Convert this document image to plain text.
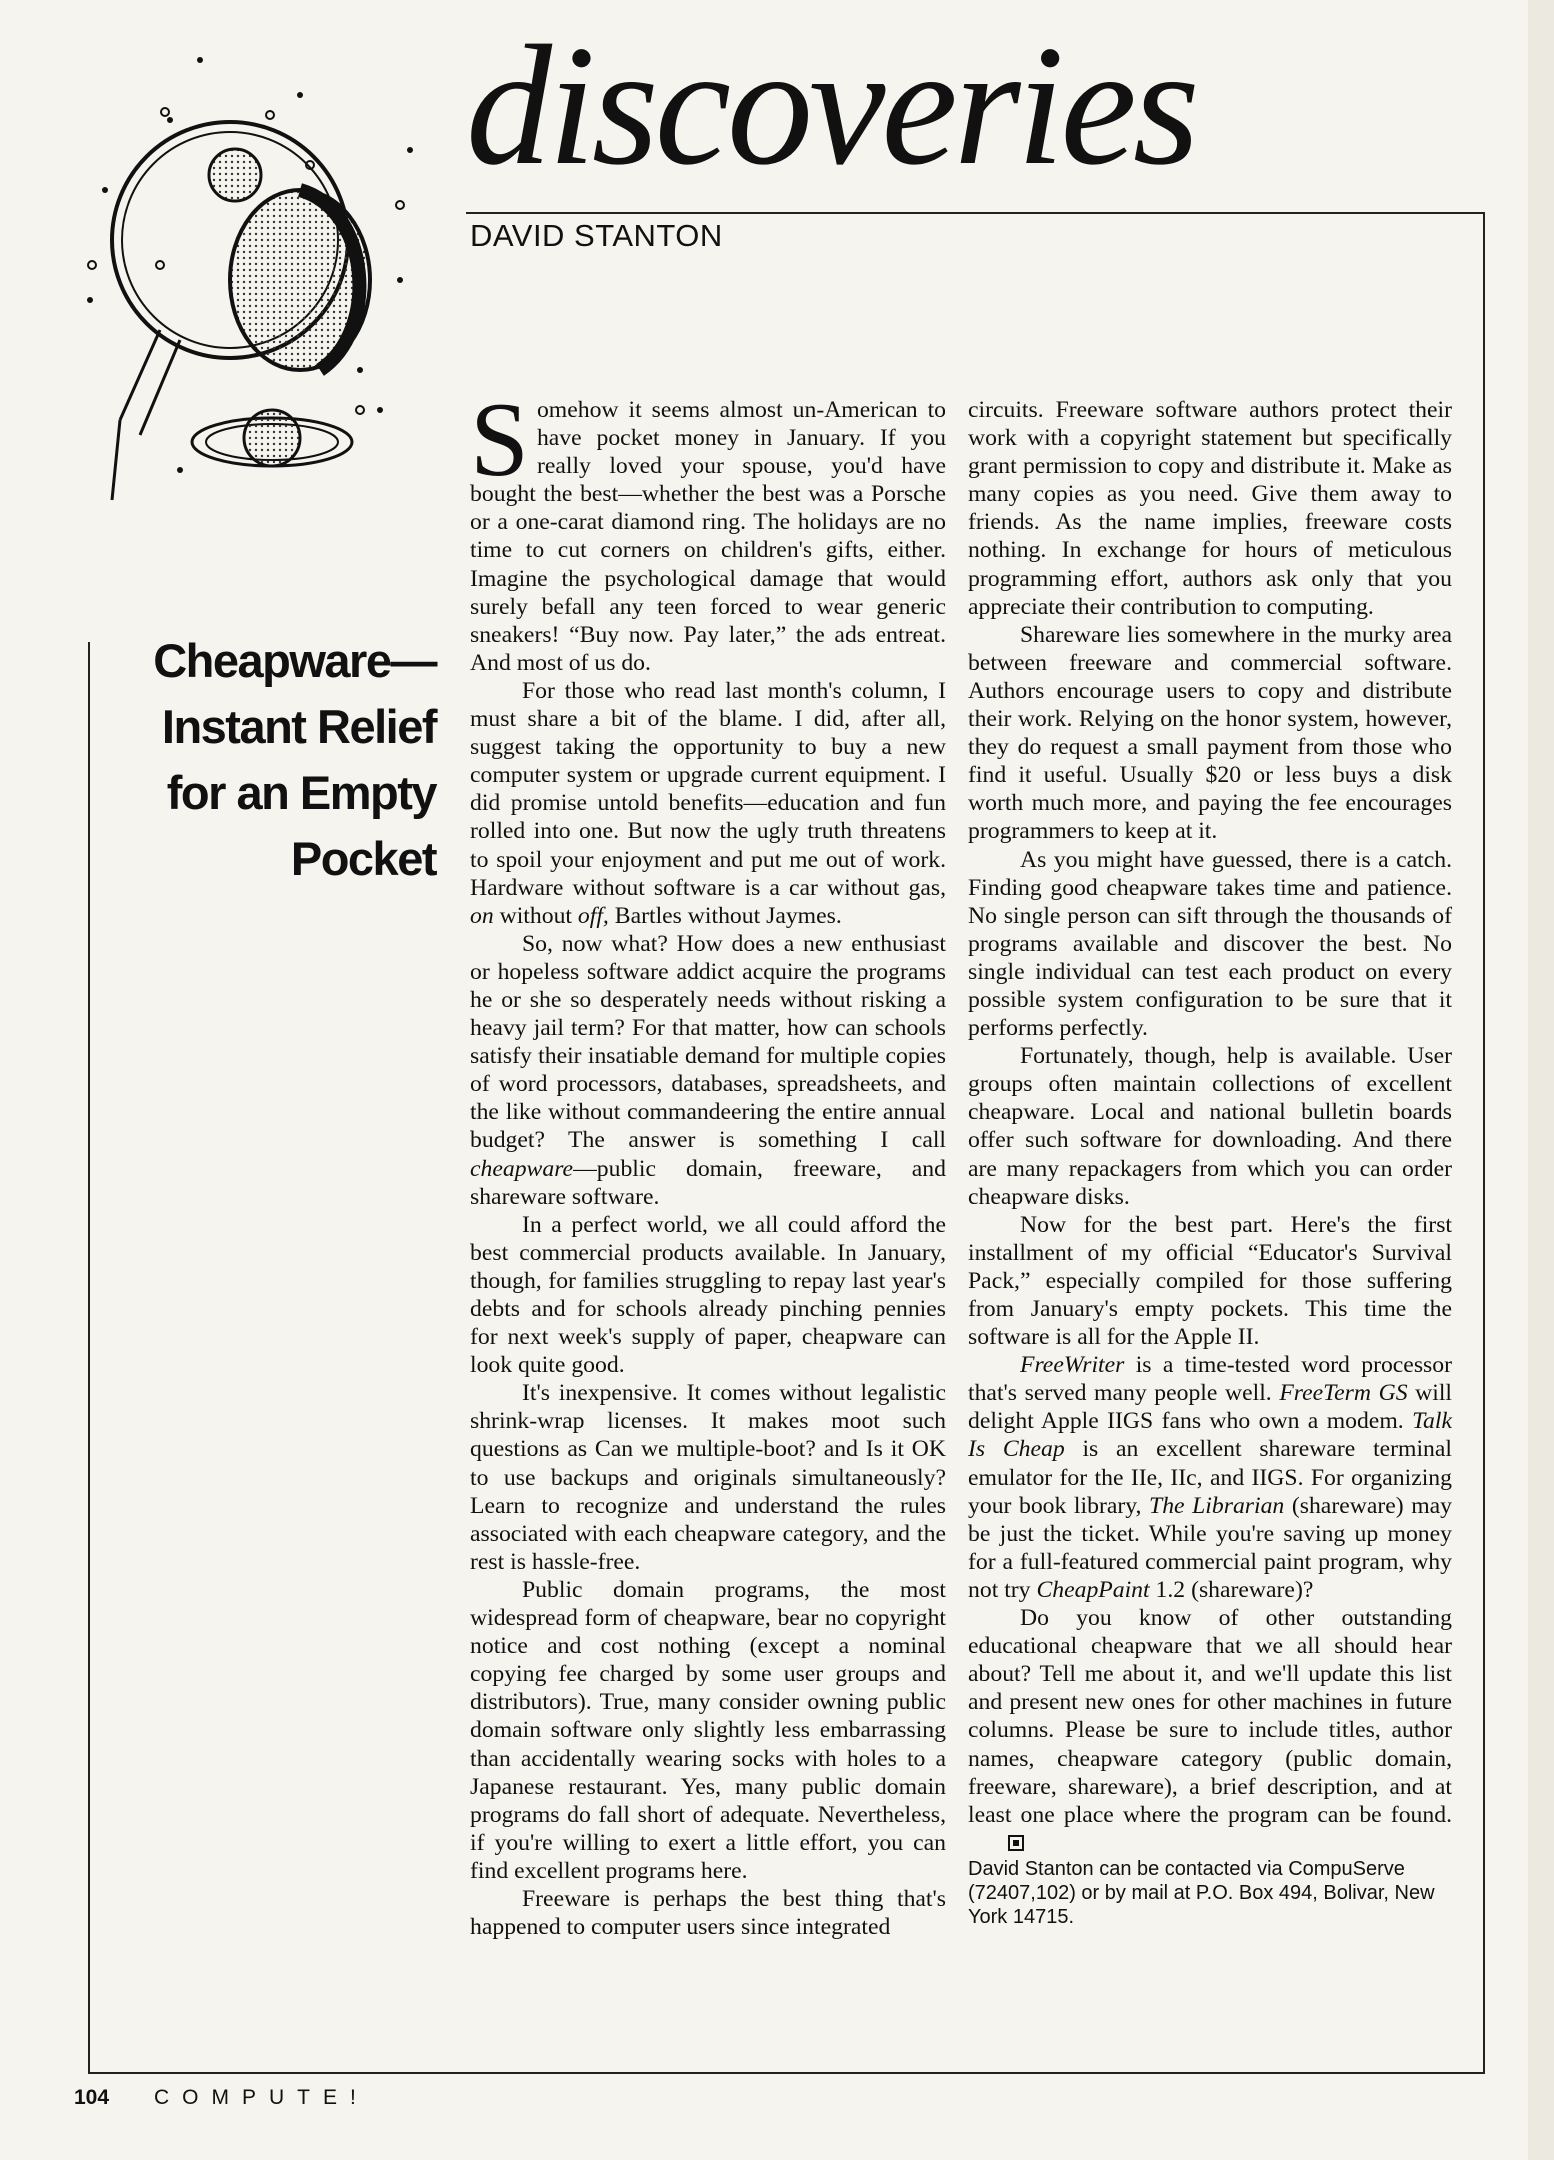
discoveries
DAVID STANTON
Cheapware—
Instant Relief
for an Empty
Pocket

Somehow it seems almost un-American to have pocket money in January. If you really loved your spouse, you'd have bought the best—whether the best was a Porsche or a one-carat diamond ring. The holidays are no time to cut corners on children's gifts, either. Imagine the psychological damage that would surely befall any teen forced to wear generic sneakers! “Buy now. Pay later,” the ads entreat. And most of us do.

For those who read last month's column, I must share a bit of the blame. I did, after all, suggest taking the opportunity to buy a new computer system or upgrade current equipment. I did promise untold benefits—education and fun rolled into one. But now the ugly truth threatens to spoil your enjoyment and put me out of work. Hardware without software is a car without gas, on without off, Bartles without Jaymes.

So, now what? How does a new enthusiast or hopeless software addict acquire the programs he or she so desperately needs without risking a heavy jail term? For that matter, how can schools satisfy their insatiable demand for multiple copies of word processors, databases, spreadsheets, and the like without commandeering the entire annual budget? The answer is something I call cheapware—public domain, freeware, and shareware software.

In a perfect world, we all could afford the best commercial products available. In January, though, for families struggling to repay last year's debts and for schools already pinching pennies for next week's supply of paper, cheapware can look quite good.

It's inexpensive. It comes without legalistic shrink-wrap licenses. It makes moot such questions as Can we multiple-boot? and Is it OK to use backups and originals simultaneously? Learn to recognize and understand the rules associated with each cheapware category, and the rest is hassle-free.

Public domain programs, the most widespread form of cheapware, bear no copyright notice and cost nothing (except a nominal copying fee charged by some user groups and distributors). True, many consider owning public domain software only slightly less embarrassing than accidentally wearing socks with holes to a Japanese restaurant. Yes, many public domain programs do fall short of adequate. Nevertheless, if you're willing to exert a little effort, you can find excellent programs here.

Freeware is perhaps the best thing that's happened to computer users since integrated

circuits. Freeware software authors protect their work with a copyright statement but specifically grant permission to copy and distribute it. Make as many copies as you need. Give them away to friends. As the name implies, freeware costs nothing. In exchange for hours of meticulous programming effort, authors ask only that you appreciate their contribution to computing.

Shareware lies somewhere in the murky area between freeware and commercial software. Authors encourage users to copy and distribute their work. Relying on the honor system, however, they do request a small payment from those who find it useful. Usually $20 or less buys a disk worth much more, and paying the fee encourages programmers to keep at it.

As you might have guessed, there is a catch. Finding good cheapware takes time and patience. No single person can sift through the thousands of programs available and discover the best. No single individual can test each product on every possible system configuration to be sure that it performs perfectly.

Fortunately, though, help is available. User groups often maintain collections of excellent cheapware. Local and national bulletin boards offer such software for downloading. And there are many repackagers from which you can order cheapware disks.

Now for the best part. Here's the first installment of my official “Educator's Survival Pack,” especially compiled for those suffering from January's empty pockets. This time the software is all for the Apple II.

FreeWriter is a time-tested word processor that's served many people well. FreeTerm GS will delight Apple IIGS fans who own a modem. Talk Is Cheap is an excellent shareware terminal emulator for the IIe, IIc, and IIGS. For organizing your book library, The Librarian (shareware) may be just the ticket. While you're saving up money for a full-featured commercial paint program, why not try CheapPaint 1.2 (shareware)?

Do you know of other outstanding educational cheapware that we all should hear about? Tell me about it, and we'll update this list and present new ones for other machines in future columns. Please be sure to include titles, author names, cheapware category (public domain, freeware, shareware), a brief description, and at least one place where the program can be found.

David Stanton can be contacted via CompuServe (72407,102) or by mail at P.O. Box 494, Bolivar, New York 14715.

104 COMPUTE!
